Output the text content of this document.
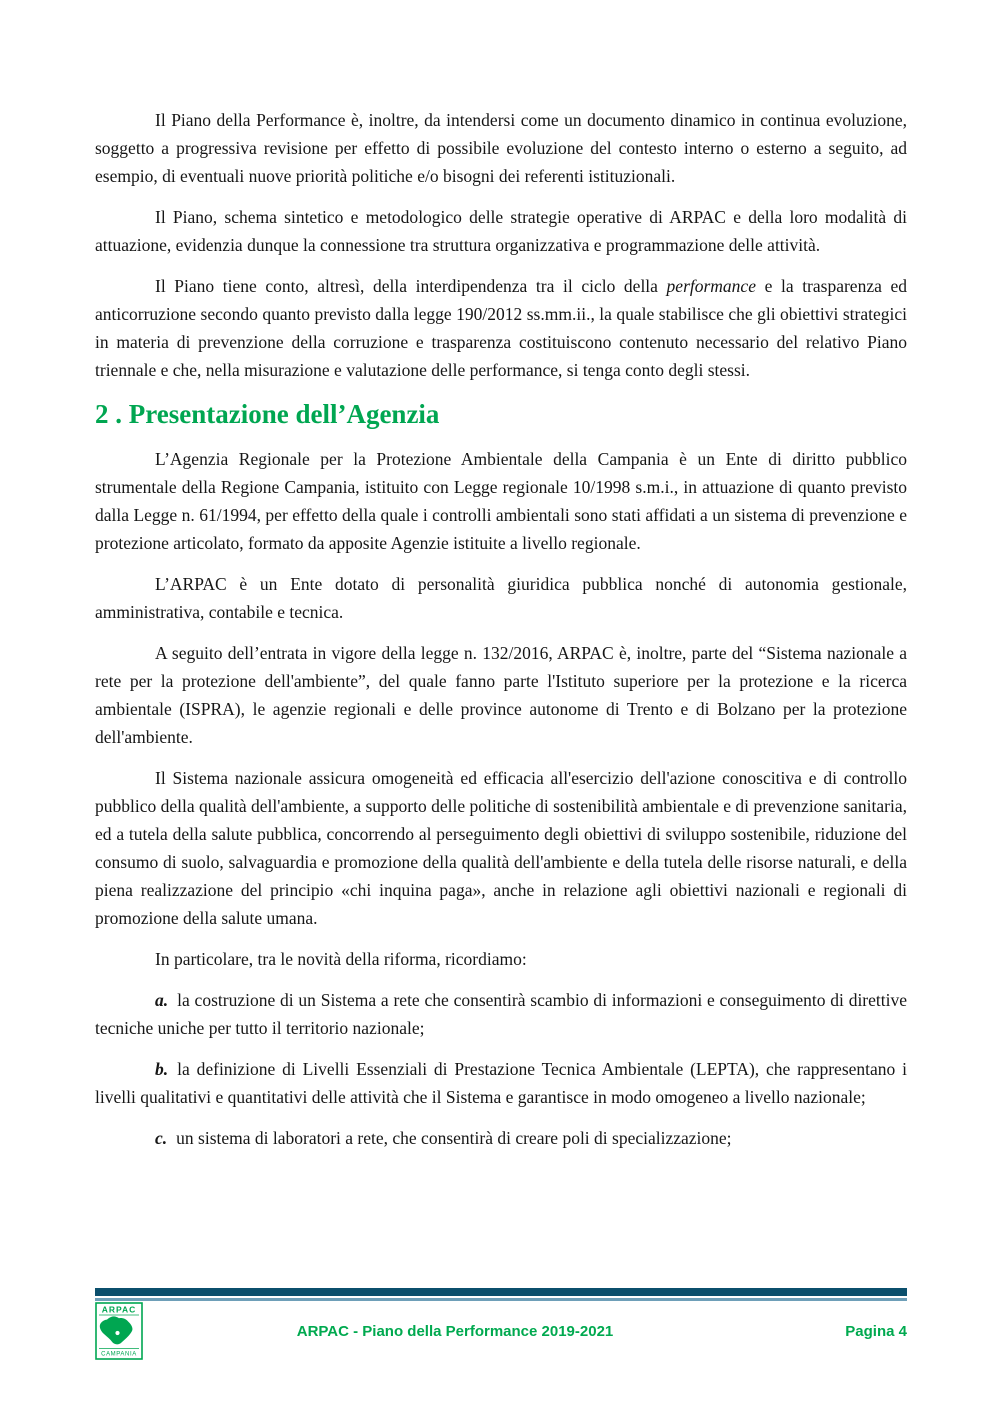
Il Piano della Performance è, inoltre, da intendersi come un documento dinamico in continua evoluzione, soggetto a progressiva revisione per effetto di possibile evoluzione del contesto interno o esterno a seguito, ad esempio, di eventuali nuove priorità politiche e/o bisogni dei referenti istituzionali.

Il Piano, schema sintetico e metodologico delle strategie operative di ARPAC e della loro modalità di attuazione, evidenzia dunque la connessione tra struttura organizzativa e programmazione delle attività.

Il Piano tiene conto, altresì, della interdipendenza tra il ciclo della performance e la trasparenza ed anticorruzione secondo quanto previsto dalla legge 190/2012 ss.mm.ii., la quale stabilisce che gli obiettivi strategici in materia di prevenzione della corruzione e trasparenza costituiscono contenuto necessario del relativo Piano triennale e che, nella misurazione e valutazione delle performance, si tenga conto degli stessi.

2 . Presentazione dell’Agenzia

L’Agenzia Regionale per la Protezione Ambientale della Campania è un Ente di diritto pubblico strumentale della Regione Campania, istituito con Legge regionale 10/1998 s.m.i., in attuazione di quanto previsto dalla Legge n. 61/1994, per effetto della quale i controlli ambientali sono stati affidati a un sistema di prevenzione e protezione articolato, formato da apposite Agenzie istituite a livello regionale.

L’ARPAC è un Ente dotato di personalità giuridica pubblica nonché di autonomia gestionale, amministrativa, contabile e tecnica.

A seguito dell’entrata in vigore della legge n. 132/2016, ARPAC è, inoltre, parte del “Sistema nazionale a rete per la protezione dell'ambiente”, del quale fanno parte l'Istituto superiore per la protezione e la ricerca ambientale (ISPRA), le agenzie regionali e delle province autonome di Trento e di Bolzano per la protezione dell'ambiente.

Il Sistema nazionale assicura omogeneità ed efficacia all'esercizio dell'azione conoscitiva e di controllo pubblico della qualità dell'ambiente, a supporto delle politiche di sostenibilità ambientale e di prevenzione sanitaria, ed a tutela della salute pubblica, concorrendo al perseguimento degli obiettivi di sviluppo sostenibile, riduzione del consumo di suolo, salvaguardia e promozione della qualità dell'ambiente e della tutela delle risorse naturali, e della piena realizzazione del principio «chi inquina paga», anche in relazione agli obiettivi nazionali e regionali di promozione della salute umana.

In particolare, tra le novità della riforma, ricordiamo:

a. la costruzione di un Sistema a rete che consentirà scambio di informazioni e conseguimento di direttive tecniche uniche per tutto il territorio nazionale;

b. la definizione di Livelli Essenziali di Prestazione Tecnica Ambientale (LEPTA), che rappresentano i livelli qualitativi e quantitativi delle attività che il Sistema e garantisce in modo omogeneo a livello nazionale;

c. un sistema di laboratori a rete, che consentirà di creare poli di specializzazione;

ARPAC
CAMPANIA
ARPAC - Piano della Performance 2019-2021	Pagina 4
